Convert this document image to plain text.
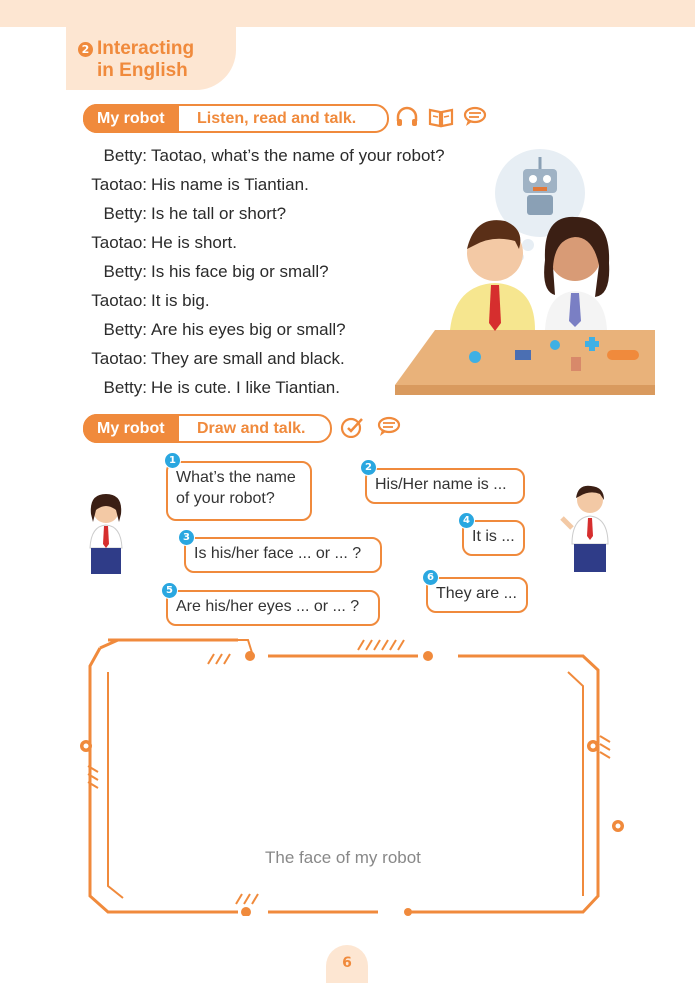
2 Interacting
in English
My robot	Listen, read and talk.
Betty: Taotao, what’s the name of your robot?
Taotao: His name is Tiantian.
Betty: Is he tall or short?
Taotao: He is short.
Betty: Is his face big or small?
Taotao: It is big.
Betty: Are his eyes big or small?
Taotao: They are small and black.
Betty: He is cute. I like Tiantian.
My robot	Draw and talk.
What’s the name
of your robot?
1
His/Her name is ...
2
Is his/her face ... or ... ?
3	It is ...
4
Are his/her eyes ... or ... ?
5	They are ...
6
The face of my robot
6
